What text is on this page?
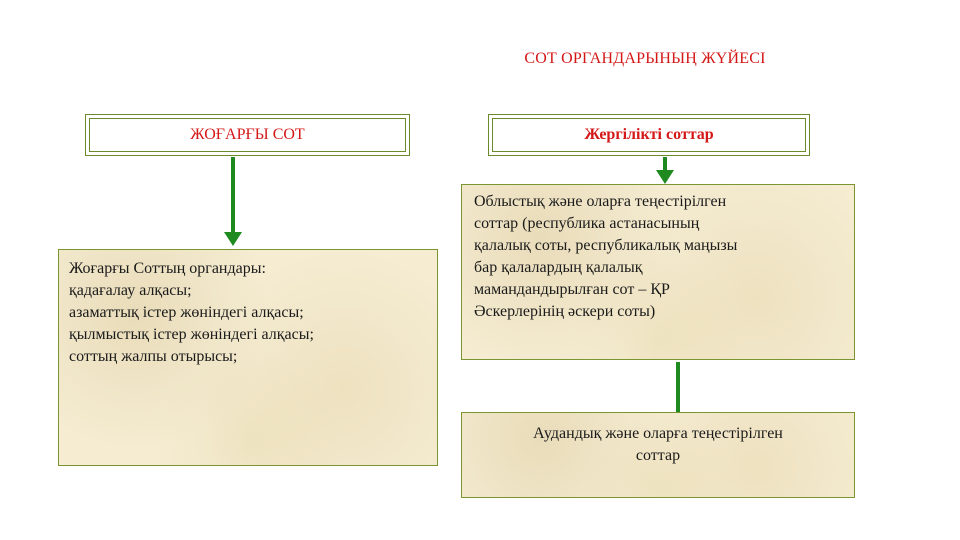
СОТ ОРГАНДАРЫНЫҢ ЖҮЙЕСІ
ЖОҒАРҒЫ СОТ	Жергілікті соттар
Жоғарғы Соттың органдары:
қадағалау алқасы;
азаматтық істер жөніндегі алқасы;
қылмыстық істер жөніндегі алқасы;
соттың жалпы отырысы;
Облыстық және оларға теңестірілген
соттар (республика астанасының
қалалық соты, республикалық маңызы
бар қалалардың қалалық
мамандандырылған сот – ҚР
Әскерлерінің әскери соты)
Аудандық және оларға теңестірілген
соттар
